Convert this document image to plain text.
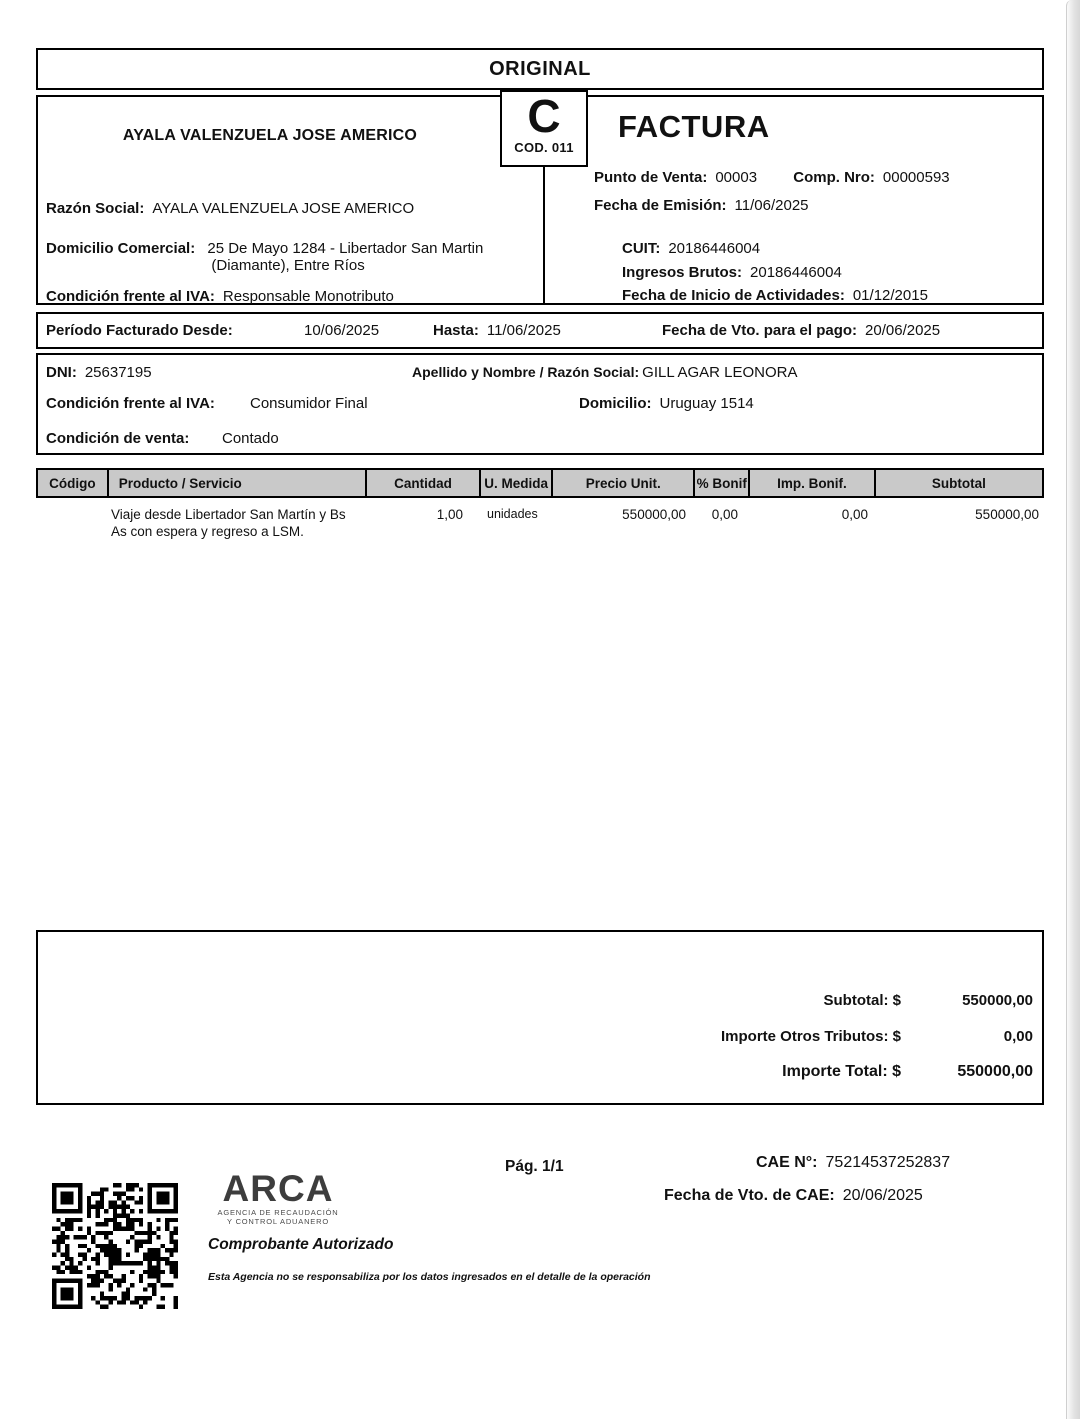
ORIGINAL
AYALA VALENZUELA JOSE AMERICO	C
COD. 011
FACTURA
Razón Social: AYALA VALENZUELA JOSE AMERICO
Domicilio Comercial: 25 De Mayo 1284 - Libertador San Martin
(Diamante), Entre Ríos
Condición frente al IVA: Responsable Monotributo
Punto de Venta: 00003 Comp. Nro: 00000593
Fecha de Emisión: 11/06/2025
CUIT: 20186446004
Ingresos Brutos: 20186446004
Fecha de Inicio de Actividades: 01/12/2015
Período Facturado Desde:	10/06/2025	Hasta: 11/06/2025	Fecha de Vto. para el pago: 20/06/2025
DNI: 25637195	Apellido y Nombre / Razón Social: GILL AGAR LEONORA
Condición frente al IVA:	Consumidor Final	Domicilio: Uruguay 1514
Condición de venta:	Contado
Código	Producto / Servicio	Cantidad	U. Medida	Precio Unit.	% Bonif	Imp. Bonif.	Subtotal
Viaje desde Libertador San Martín y Bs As con espera y regreso a LSM.
1,00	unidades	550000,00	0,00	0,00	550000,00
Subtotal: $	550000,00
Importe Otros Tributos: $	0,00
Importe Total: $	550000,00
ARCA
AGENCIA DE RECAUDACIÓN
Y CONTROL ADUANERO
Comprobante Autorizado
Esta Agencia no se responsabiliza por los datos ingresados en el detalle de la operación
Pág. 1/1	CAE N°: 75214537252837
Fecha de Vto. de CAE: 20/06/2025
